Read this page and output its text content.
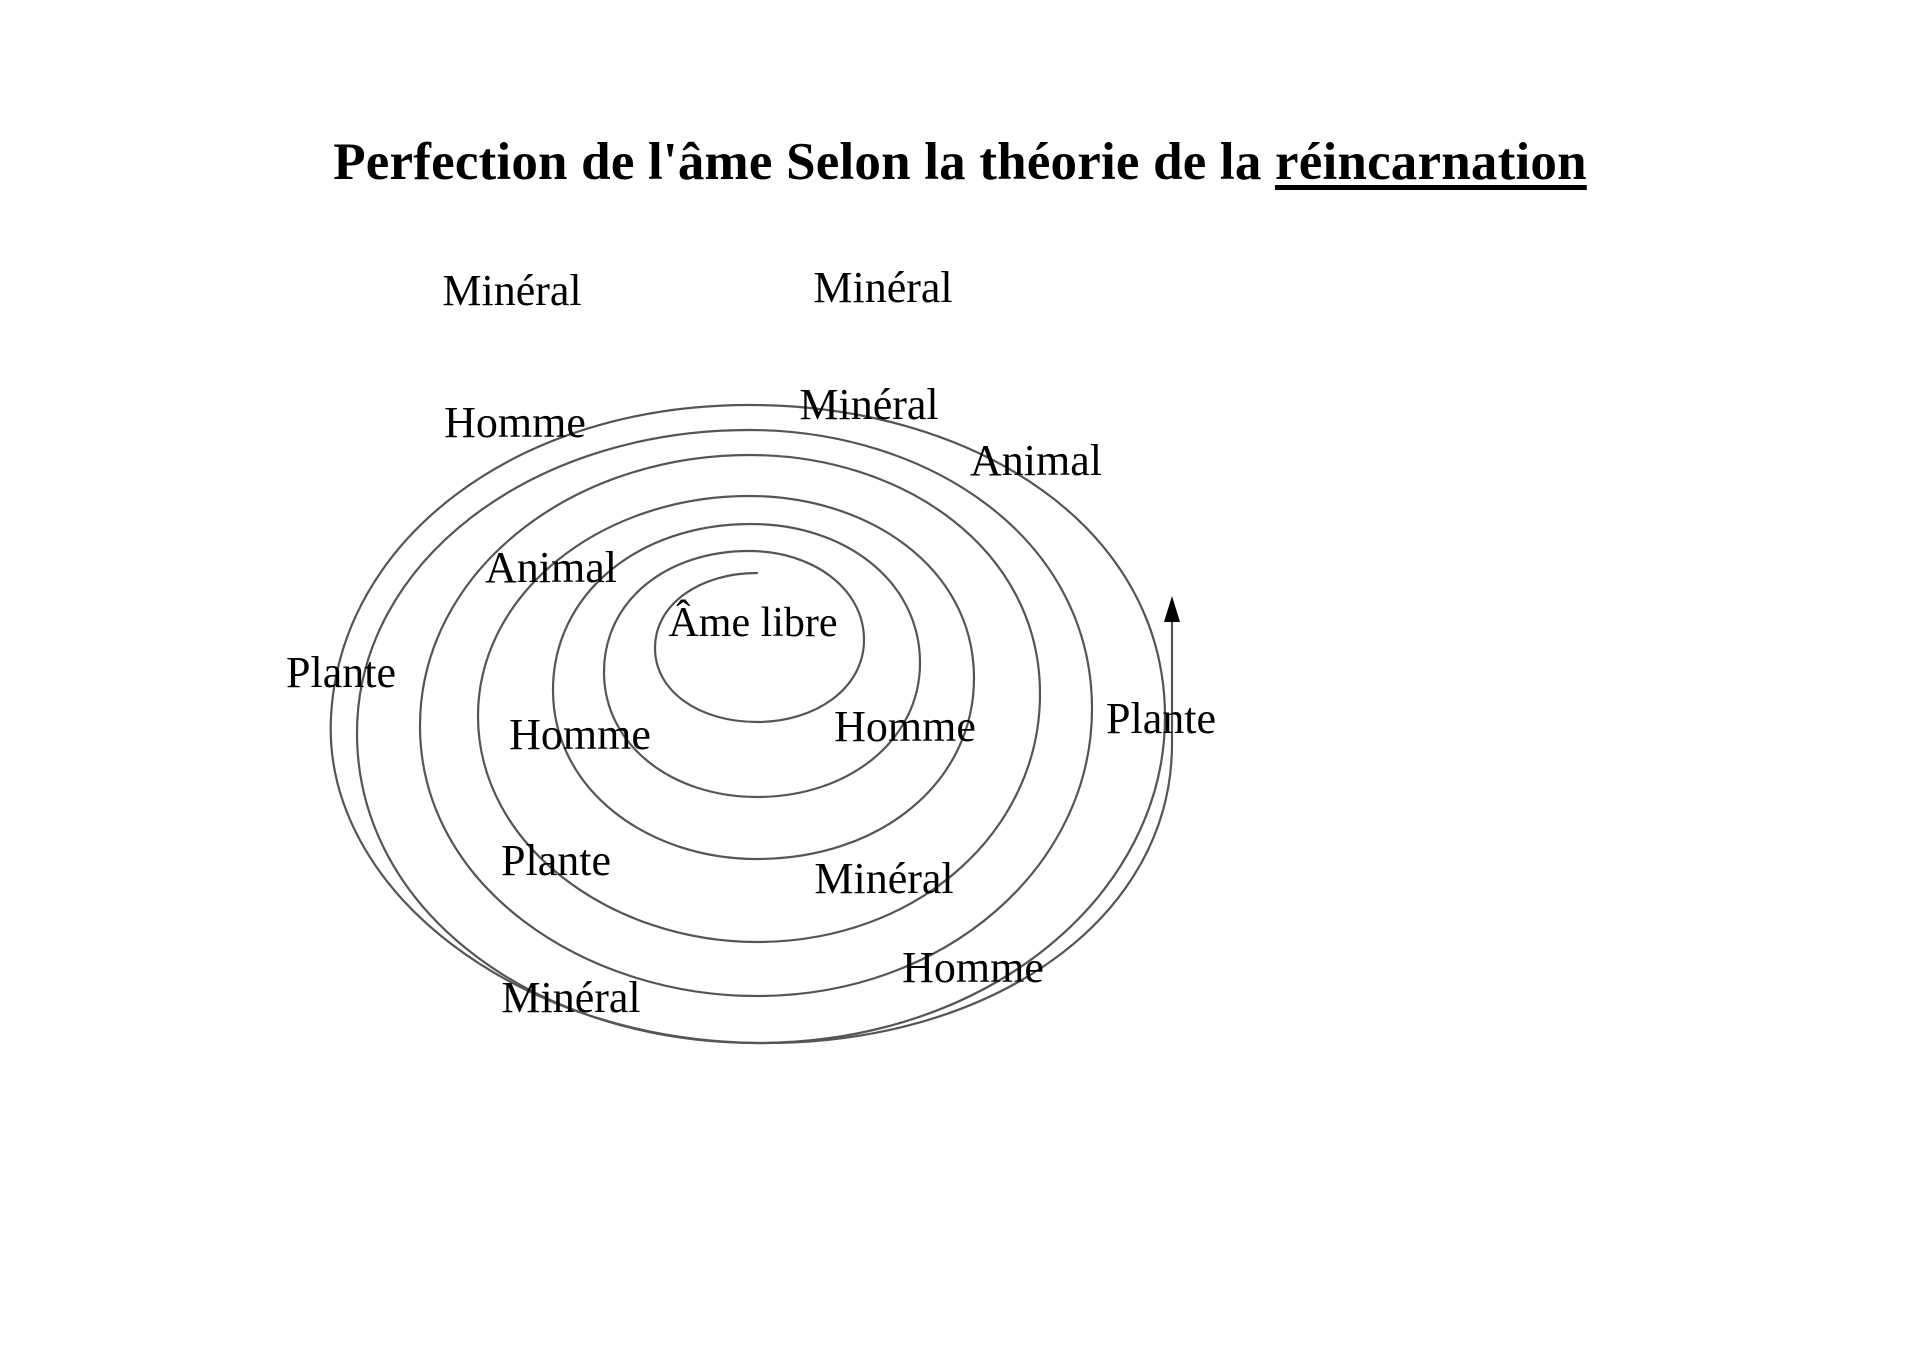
Perfection de l'âme Selon la théorie de la réincarnation
Minéral	Minéral
Homme	Minéral
Animal
Animal
Âme libre
Plante
Homme	Homme	Plante
Plante	Minéral
Homme
Minéral
